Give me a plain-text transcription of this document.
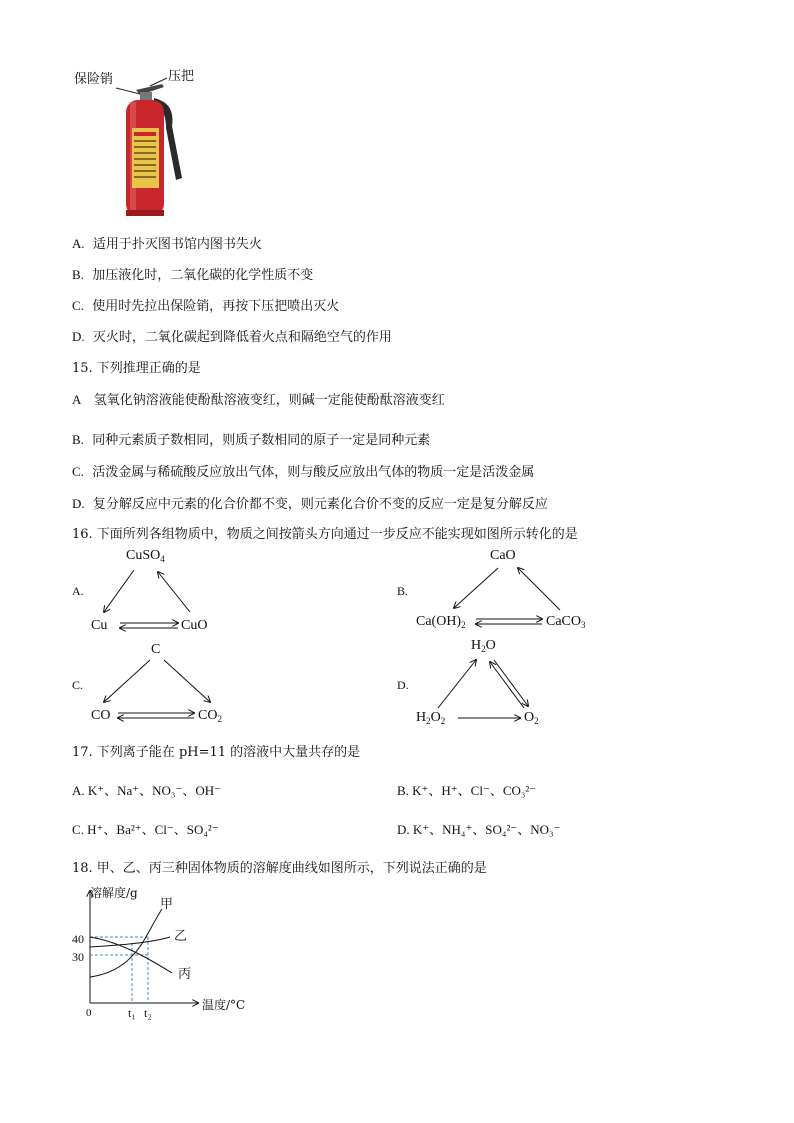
保险销	压把
A. 适用于扑灭图书馆内图书失火
B. 加压液化时，二氧化碳的化学性质不变
C. 使用时先拉出保险销，再按下压把喷出灭火
D. 灭火时，二氧化碳起到降低着火点和隔绝空气的作用
15. 下列推理正确的是
A 氢氧化钠溶液能使酚酞溶液变红，则碱一定能使酚酞溶液变红
B. 同种元素质子数相同，则质子数相同的原子一定是同种元素
C. 活泼金属与稀硫酸反应放出气体，则与酸反应放出气体的物质一定是活泼金属
D. 复分解反应中元素的化合价都不变，则元素化合价不变的反应一定是复分解反应
16. 下面所列各组物质中，物质之间按箭头方向通过一步反应不能实现如图所示转化的是
A.
CuSO$_4$
Cu	CuO
B.
CaO
$Ca(OH)_2$	CaCO$_3$
C.
C
CO	$CO_2$
D.
$H_2O$
$H_2O_2$	$O_2$
17. 下列离子能在 pH=11 的溶液中大量共存的是
A. K⁺、Na⁺、NO₃⁻、OH⁻	B. K⁺、H⁺、Cl⁻、CO₃²⁻
C. H⁺、Ba²⁺、Cl⁻、SO₄²⁻	D. K⁺、NH₄⁺、SO₄²⁻、NO₃⁻
18. 甲、乙、丙三种固体物质的溶解度曲线如图所示，下列说法正确的是
溶解度/g
温度/°C
0
40
30
t₁ t₂
甲
乙
丙
